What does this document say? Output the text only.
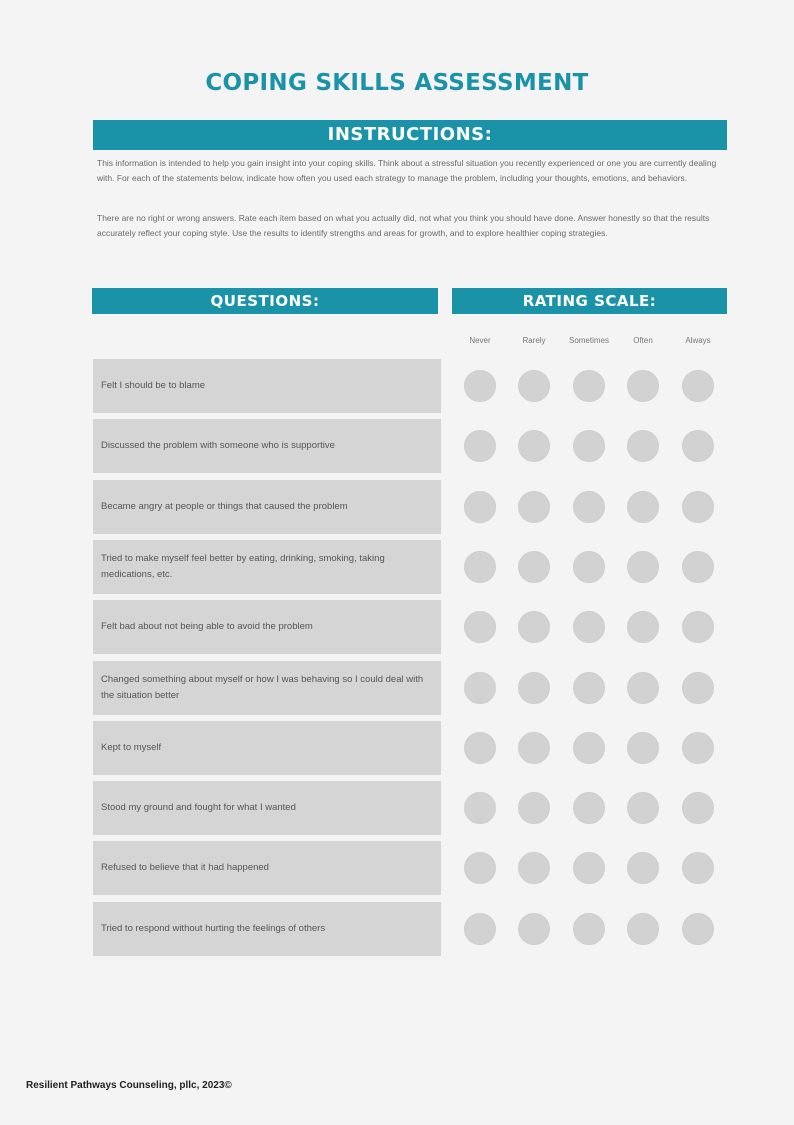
COPING SKILLS ASSESSMENT
INSTRUCTIONS:

This information is intended to help you gain insight into your coping skills. Think about a stressful situation you recently experienced or one you are currently dealing with. For each of the statements below, indicate how often you used each strategy to manage the problem, including your thoughts, emotions, and behaviors.

There are no right or wrong answers. Rate each item based on what you actually did, not what you think you should have done. Answer honestly so that the results accurately reflect your coping style. Use the results to identify strengths and areas for growth, and to explore healthier coping strategies.

QUESTIONS:	RATING SCALE:
Never	Rarely	Sometimes	Often	Always
Felt I should be to blame
Discussed the problem with someone who is supportive
Became angry at people or things that caused the problem
Tried to make myself feel better by eating, drinking, smoking, taking medications, etc.
Felt bad about not being able to avoid the problem
Changed something about myself or how I was behaving so I could deal with the situation better
Kept to myself
Stood my ground and fought for what I wanted
Refused to believe that it had happened
Tried to respond without hurting the feelings of others
Resilient Pathways Counseling, pllc, 2023©
